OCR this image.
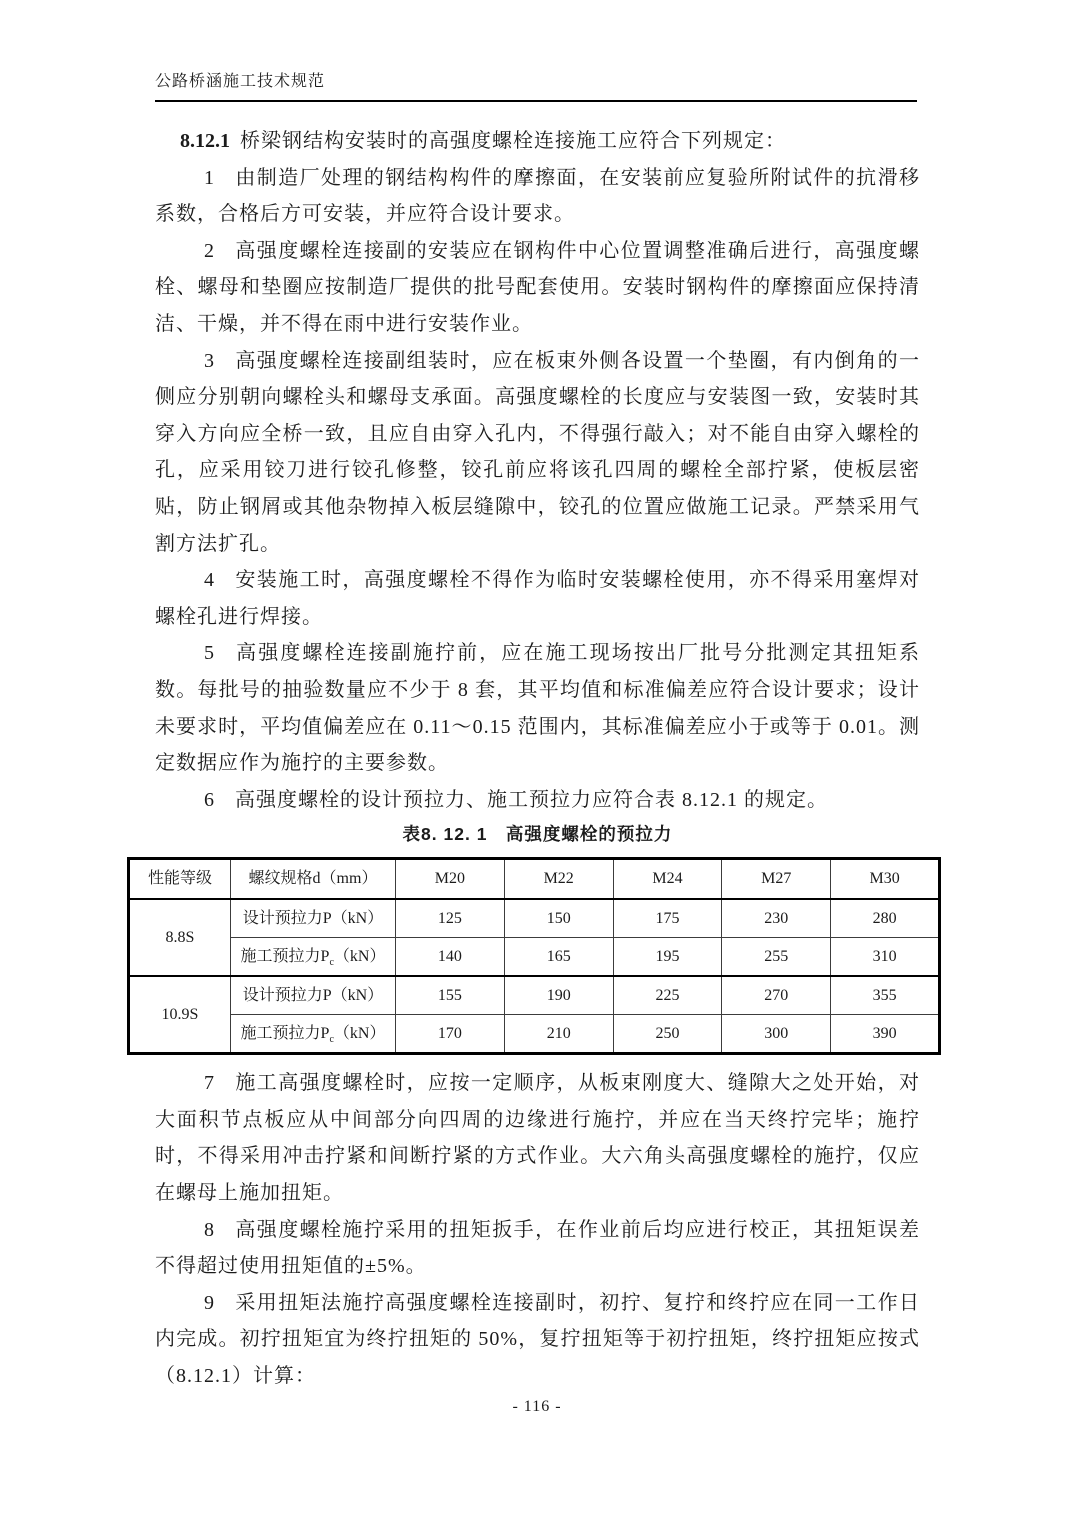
公路桥涵施工技术规范

8.12.1 桥梁钢结构安装时的高强度螺栓连接施工应符合下列规定：

1 由制造厂处理的钢结构构件的摩擦面，在安装前应复验所附试件的抗滑移系数，合格后方可安装，并应符合设计要求。

2 高强度螺栓连接副的安装应在钢构件中心位置调整准确后进行，高强度螺栓、螺母和垫圈应按制造厂提供的批号配套使用。安装时钢构件的摩擦面应保持清洁、干燥，并不得在雨中进行安装作业。

3 高强度螺栓连接副组装时，应在板束外侧各设置一个垫圈，有内倒角的一侧应分别朝向螺栓头和螺母支承面。高强度螺栓的长度应与安装图一致，安装时其穿入方向应全桥一致，且应自由穿入孔内，不得强行敲入；对不能自由穿入螺栓的孔，应采用铰刀进行铰孔修整，铰孔前应将该孔四周的螺栓全部拧紧，使板层密贴，防止钢屑或其他杂物掉入板层缝隙中，铰孔的位置应做施工记录。严禁采用气割方法扩孔。

4 安装施工时，高强度螺栓不得作为临时安装螺栓使用，亦不得采用塞焊对螺栓孔进行焊接。

5 高强度螺栓连接副施拧前，应在施工现场按出厂批号分批测定其扭矩系数。每批号的抽验数量应不少于 8 套，其平均值和标准偏差应符合设计要求；设计未要求时，平均值偏差应在 0.11～0.15 范围内，其标准偏差应小于或等于 0.01。测定数据应作为施拧的主要参数。

6 高强度螺栓的设计预拉力、施工预拉力应符合表 8.12.1 的规定。

表8. 12. 1　高强度螺栓的预拉力

性能等级	螺纹规格d（mm）	M20	M22	M24	M27	M30
8.8S	设计预拉力P（kN）	125	150	175	230	280
	施工预拉力$P_c(kN)$	140	165	195	255	310
10.9S	设计预拉力P（kN）	155	190	225	270	355
	施工预拉力$P_c(kN)$	170	210	250	300	390

7 施工高强度螺栓时，应按一定顺序，从板束刚度大、缝隙大之处开始，对大面积节点板应从中间部分向四周的边缘进行施拧，并应在当天终拧完毕；施拧时，不得采用冲击拧紧和间断拧紧的方式作业。大六角头高强度螺栓的施拧，仅应在螺母上施加扭矩。

8 高强度螺栓施拧采用的扭矩扳手，在作业前后均应进行校正，其扭矩误差不得超过使用扭矩值的±5%。

9 采用扭矩法施拧高强度螺栓连接副时，初拧、复拧和终拧应在同一工作日内完成。初拧扭矩宜为终拧扭矩的 50%，复拧扭矩等于初拧扭矩，终拧扭矩应按式（8.12.1）计算：

- 116 -
